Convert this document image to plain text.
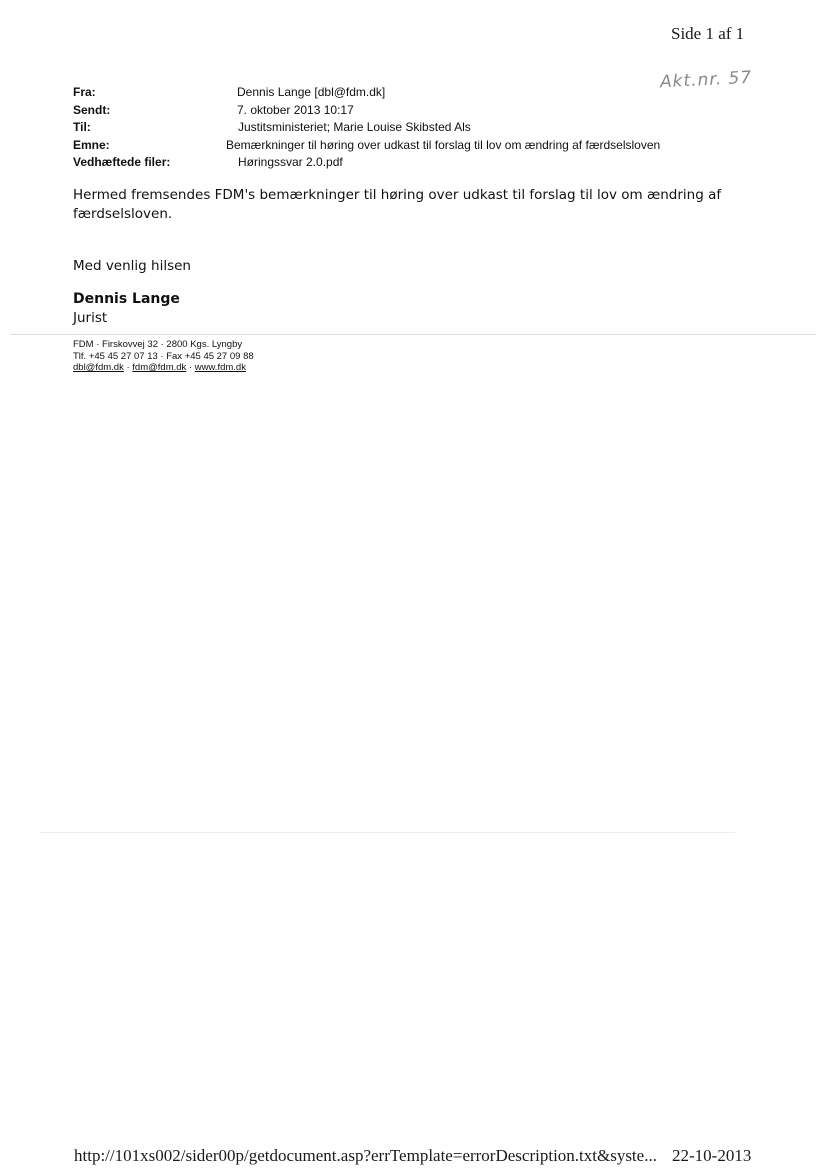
Side 1 af 1
Akt.nr. 57
Fra:	Dennis Lange [dbl@fdm.dk]
Sendt:	7. oktober 2013 10:17
Til:	Justitsministeriet; Marie Louise Skibsted Als
Emne:	Bemærkninger til høring over udkast til forslag til lov om ændring af færdselsloven
Vedhæftede filer:	Høringssvar 2.0.pdf
Hermed fremsendes FDM's bemærkninger til høring over udkast til forslag til lov om ændring af færdselsloven.
Med venlig hilsen
Dennis Lange
Jurist
FDM · Firskovvej 32 · 2800 Kgs. Lyngby
Tlf. +45 45 27 07 13 · Fax +45 45 27 09 88
dbl@fdm.dk · fdm@fdm.dk · www.fdm.dk
http://101xs002/sider00p/getdocument.asp?errTemplate=errorDescription.txt&syste... 22-10-2013
